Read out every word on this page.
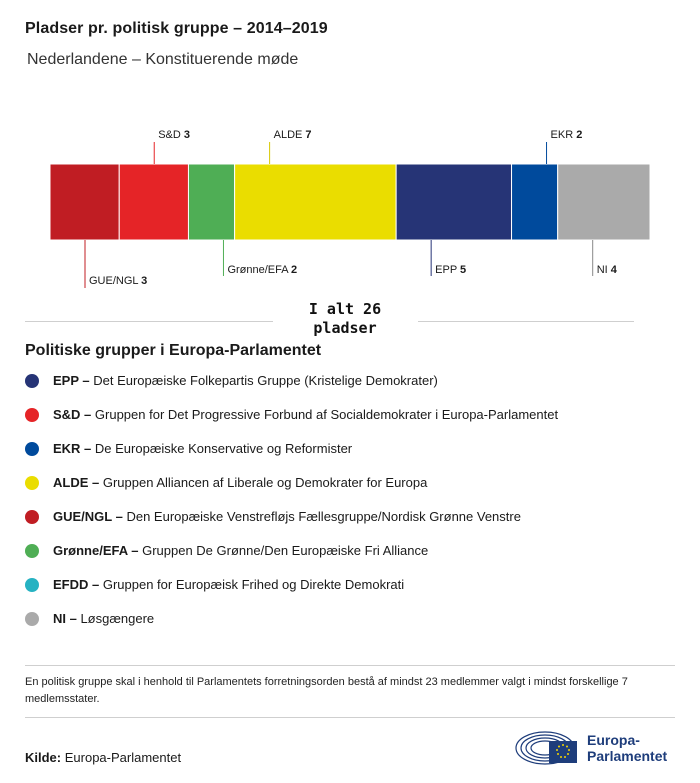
Pladser pr. politisk gruppe – 2014–2019
Nederlandene – Konstituerende møde
GUE/NGL 3
S&D 3
Grønne/EFA 2
ALDE 7
EPP 5
EKR 2
NI 4
I alt 26 pladser
Politiske grupper i Europa-Parlamentet
EPP – Det Europæiske Folkepartis Gruppe (Kristelige Demokrater)
S&D – Gruppen for Det Progressive Forbund af Socialdemokrater i Europa-Parlamentet
EKR – De Europæiske Konservative og Reformister
ALDE – Gruppen Alliancen af Liberale og Demokrater for Europa
GUE/NGL – Den Europæiske Venstrefløjs Fællesgruppe/Nordisk Grønne Venstre
Grønne/EFA – Gruppen De Grønne/Den Europæiske Fri Alliance
EFDD – Gruppen for Europæisk Frihed og Direkte Demokrati
NI – Løsgængere
En politisk gruppe skal i henhold til Parlamentets forretningsorden bestå af mindst 23 medlemmer valgt i mindst forskellige 7 medlemsstater.
Kilde: Europa-Parlamentet
Europa-
Parlamentet
